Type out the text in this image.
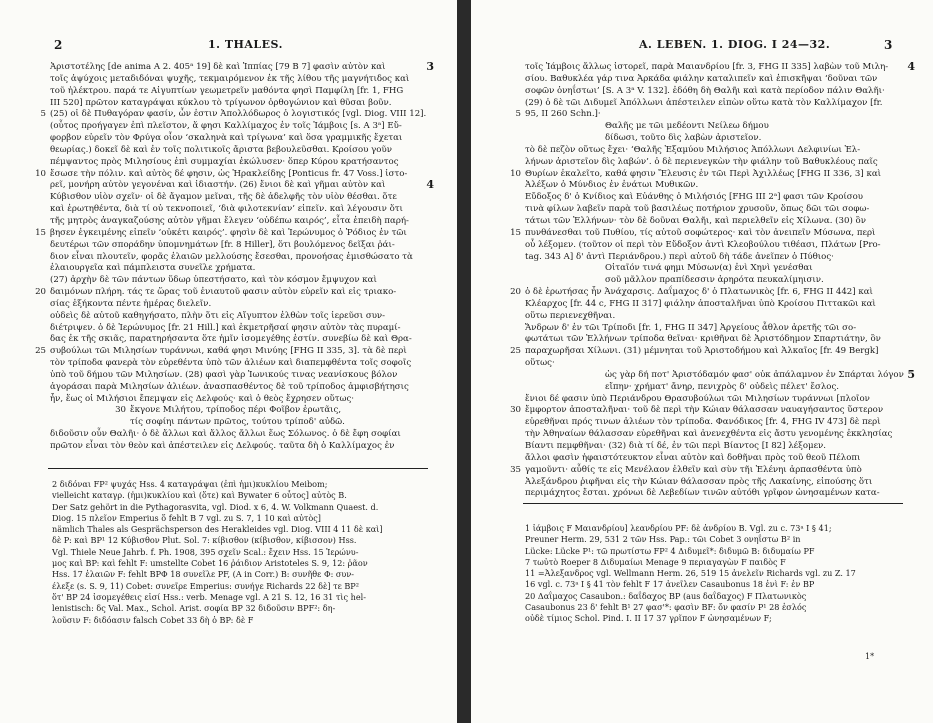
2	1. THALES.
Ἀριστοτέλης [de anima A 2. 405ᵃ 19] δὲ καὶ Ἱππίας [79 B 7] φασὶν αὐτὸν καὶ	3
τοῖς ἀψύχοις μεταδιδόναι ψυχῆς, τεκμαιρόμενον ἐκ τῆς λίθου τῆς μαγνήτιδος καὶ
τοῦ ἠλέκτρου. παρά τε Αἰγυπτίων γεωμετρεῖν μαθόντα φησὶ Παμφίλη [fr. 1, FHG
III 520] πρῶτον καταγράψαι κύκλου τὸ τρίγωνον ὀρθογώνιον καὶ θῦσαι βοῦν.
5 (25) οἱ δὲ Πυθαγόραν φασίν, ὧν ἐστιν Ἀπολλόδωρος ὁ λογιστικός [vgl. Diog. VIII 12].
(οὗτος προήγαγεν ἐπὶ πλεῖστον, ἅ φησι Καλλίμαχος ἐν τοῖς Ἰάμβοις [s. A 3ᵃ] Εὔ-
φορβον εὑρεῖν τὸν Φρύγα οἷον ‘σκαληνὰ καὶ τρίγωνα’ καὶ ὅσα γραμμικῆς ἔχεται
θεωρίας.) δοκεῖ δὲ καὶ ἐν τοῖς πολιτικοῖς ἄριστα βεβουλεῦσθαι. Κροίσου γοῦν
πέμψαντος πρὸς Μιλησίους ἐπὶ συμμαχίαι ἐκώλυσεν· ὅπερ Κύρου κρατήσαντος
10 ἔσωσε τὴν πόλιν. καὶ αὐτὸς δέ φησιν, ὡς Ἡρακλείδης [Ponticus fr. 47 Voss.] ἱστο-
ρεῖ, μονήρη αὐτὸν γεγονέναι καὶ ἰδιαστήν. (26) ἔνιοι δὲ καὶ γῆμαι αὐτὸν καὶ	4
Κύβισθον υἱὸν σχεῖν· οἱ δὲ ἄγαμον μεῖναι, τῆς δὲ ἀδελφῆς τὸν υἱὸν θέσθαι. ὅτε
καὶ ἐρωτηθέντα, διὰ τί οὐ τεκνοποιεῖ, ‘διὰ φιλοτεκνίαν’ εἰπεῖν. καὶ λέγουσιν ὅτι
τῆς μητρὸς ἀναγκαζούσης αὐτὸν γῆμαι ἔλεγεν ‘οὐδέπω καιρός’, εἶτα ἐπειδὴ παρή-
15 βησεν ἐγκειμένης εἰπεῖν ‘οὐκέτι καιρός’. φησὶν δὲ καὶ Ἱερώνυμος ὁ Ῥόδιος ἐν τῶι
δευτέρωι τῶν σποράδην ὑπομνημάτων [fr. 8 Hiller], ὅτι βουλόμενος δεῖξαι ῥάι-
διον εἶναι πλουτεῖν, φορᾶς ἐλαιῶν μελλούσης ἔσεσθαι, προνοήσας ἐμισθώσατο τὰ
ἐλαιουργεῖα καὶ πάμπλειστα συνεῖλε χρήματα.
(27) ἀρχὴν δὲ τῶν πάντων ὕδωρ ὑπεστήσατο, καὶ τὸν κόσμον ἔμψυχον καὶ
20 δαιμόνων πλήρη. τάς τε ὥρας τοῦ ἐνιαυτοῦ φασιν αὐτὸν εὑρεῖν καὶ εἰς τριακο-
σίας ἑξήκοντα πέντε ἡμέρας διελεῖν.
οὐδεὶς δὲ αὐτοῦ καθηγήσατο, πλὴν ὅτι εἰς Αἴγυπτον ἐλθὼν τοῖς ἱερεῦσι συν-
διέτριψεν. ὁ δὲ Ἱερώνυμος [fr. 21 Hill.] καὶ ἐκμετρῆσαί φησιν αὐτὸν τὰς πυραμί-
δας ἐκ τῆς σκιᾶς, παρατηρήσαντα ὅτε ἡμῖν ἰσομεγέθης ἐστίν. συνεβίω δὲ καὶ Θρα-
25 συβούλωι τῶι Μιλησίων τυράννωι, καθά φησι Μινύης [FHG II 335, 3]. τὰ δὲ περὶ
τὸν τρίποδα φανερὰ τὸν εὑρεθέντα ὑπὸ τῶν ἁλιέων καὶ διαπεμφθέντα τοῖς σοφοῖς
ὑπὸ τοῦ δήμου τῶν Μιλησίων. (28) φασὶ γὰρ Ἰωνικούς τινας νεανίσκους βόλον
ἀγοράσαι παρὰ Μιλησίων ἁλιέων. ἀνασπασθέντος δὲ τοῦ τρίποδος ἀμφισβήτησις
ἦν, ἕως οἱ Μιλήσιοι ἔπεμψαν εἰς Δελφούς· καὶ ὁ θεὸς ἔχρησεν οὕτως·
30 ἔκγονε Μιλήτου, τρίποδος πέρι Φοῖβον ἐρωτᾶις,
τίς σοφίηι πάντων πρῶτος, τούτου τρίποδ' αὐδῶ.
διδοῦσιν οὖν Θαλῆι· ὁ δὲ ἄλλωι καὶ ἄλλος ἄλλωι ἕως Σόλωνος. ὁ δὲ ἔφη σοφίαι
πρῶτον εἶναι τὸν θεὸν καὶ ἀπέστειλεν εἰς Δελφούς. ταῦτα δὴ ὁ Καλλίμαχος ἐν
2 διδόναι FP² ψυχάς Hss. 4 καταγράψαι (ἐπὶ ἡμι)κυκλίου Meibom;
vielleicht καταγρ. (ἡμι)κυκλίου καὶ (ὅτε) καὶ Bywater 6 οὗτος] αὐτὸς B.
Der Satz gehört in die Pythagorasvita, vgl. Diod. x 6, 4. W. Volkmann Quaest. d.
Diog. 15 πλεῖον Emperius ὅ fehlt B 7 vgl. zu S. 7, 1 10 καὶ αὐτὸς]
nämlich Thales als Gesprächsperson des Herakleides vgl. Diog. VIII 4 11 δὲ καὶ]
δὲ P: καὶ BP¹ 12 Κύβισθον Plut. Sol. 7: κίβισθον (κίβισθον, κίβισσον) Hss.
Vgl. Thiele Neue Jahrb. f. Ph. 1908, 395 σχεῖν Scal.: ἔχειν Hss. 15 Ἱερώνυ-
μος καὶ BP: καὶ fehlt F: umstellte Cobet 16 ῥάιδιον Aristoteles S. 9, 12: ῥᾶον
Hss. 17 ἐλαιῶν F: fehlt BPΦ 18 συνεῖλε PF, (A in Corr.) B: συνῆθε Φ: συν-
έλεξε (s. S. 9, 11) Cobet: συνεῖρε Emperius: συνήγε Richards 22 δὲ] τε BP²
ὅτ' BP 24 ἰσομεγέθεις εἰσί Hss.: verb. Menage vgl. A 21 S. 12, 16 31 τὶς hel-
lenistisch: δς Val. Max., Schol. Arist. σοφία BP 32 διδοῦσιν BPF²: δη-
λοῦσιν F: διδόασιν falsch Cobet 33 δὴ ὁ BP: δὲ F
A. LEBEN. 1. DIOG. I 24—32.	3
τοῖς Ἰάμβοις ἄλλως ἱστορεῖ, παρὰ Μαιανδρίου [fr. 3, FHG II 335] λαβὼν τοῦ Μιλη- 4
σίου. Βαθυκλέα γάρ τινα Ἀρκάδα φιάλην καταλιπεῖν καὶ ἐπισκῆψαι ‘δοῦναι τῶν
σοφῶν ὀνηΐστωι’ [S. A 3ᵃ V. 132]. ἐδόθη δὴ Θαλῆι καὶ κατὰ περίοδον πάλιν Θαλῆι·
(29) ὁ δὲ τῶι Διδυμεῖ Ἀπόλλωνι ἀπέστειλεν εἰπὼν οὕτω κατὰ τὸν Καλλίμαχον [fr.
5 95, II 260 Schn.]·
Θαλῆς με τῶι μεδέοντι Νείλεω δήμου
δίδωσι, τοῦτο δὶς λαβὼν ἀριστεῖον.
τὸ δὲ πεζὸν οὕτως ἔχει· ‘Θαλῆς Ἐξαμύου Μιλήσιος Ἀπόλλωνι Δελφινίωι Ἑλ-
λήνων ἀριστεῖον δὶς λαβών’. ὁ δὲ περιενεγκὼν τὴν φιάλην τοῦ Βαθυκλέους παῖς
10 Θυρίων ἐκαλεῖτο, καθά φησιν Ἔλευσις ἐν τῶι Περὶ Ἀχιλλέως [FHG II 336, 3] καὶ
Ἀλέξων ὁ Μύνδιος ἐν ἐνάτωι Μυθικῶν.
Εὔδοξος δ' ὁ Κνίδιος καὶ Εὐάνθης ὁ Μιλήσιός [FHG III 2ᵃ] φασι τῶν Κροίσου
τινὰ φίλων λαβεῖν παρὰ τοῦ βασιλέως ποτήριον χρυσοῦν, ὅπως δῶι τῶι σοφω-
τάτωι τῶν Ἑλλήνων· τὸν δὲ δοῦναι Θαλῆι, καὶ περιελθεῖν εἰς Χίλωνα. (30) ὃν
15 πυνθάνεσθαι τοῦ Πυθίου, τίς αὐτοῦ σοφώτερος· καὶ τὸν ἀνειπεῖν Μύσωνα, περὶ
οὗ λέξομεν. (τοῦτον οἱ περὶ τὸν Εὔδοξον ἀντὶ Κλεοβούλου τιθέασι, Πλάτων [Pro-
tag. 343 A] δ' ἀντὶ Περιάνδρου.) περὶ αὐτοῦ δὴ τάδε ἀνεῖπεν ὁ Πύθιος·
Οἰταῖόν τινά φημι Μύσων(α) ἐνὶ Χηνὶ γενέσθαι
σοῦ μᾶλλον πραπίδεσσιν ἀρηρότα πευκαλίμηισιν.
20 ὁ δὲ ἐρωτήσας ἦν Ἀνάχαρσις. Δαΐμαχος δ' ὁ Πλατωνικὸς [fr. 6, FHG II 442] καὶ
Κλέαρχος [fr. 44 c, FHG II 317] φιάλην ἀποσταλῆναι ὑπὸ Κροίσου Πιττακῶι καὶ
οὕτω περιενεχθῆναι.
Ἄνδρων δ' ἐν τῶι Τρίποδι [fr. 1, FHG II 347] Ἀργείους ἆθλον ἀρετῆς τῶι σο-
φωτάτωι τῶν Ἑλλήνων τρίποδα θεῖναι· κριθῆναι δὲ Ἀριστόδημον Σπαρτιάτην, ὃν
25 παραχωρῆσαι Χίλωνι. (31) μέμνηται τοῦ Ἀριστοδήμου καὶ Ἀλκαῖος [fr. 49 Bergk]
οὕτως·
ὡς γὰρ δή ποτ' Ἀριστόδαμόν φασ' οὐκ ἀπάλαμνον ἐν Σπάρται λόγον 5
εἴπην· χρήματ' ἄνηρ, πενιχρὸς δ' οὐδεὶς πέλετ' ἔσλος.
ἔνιοι δέ φασιν ὑπὸ Περιάνδρου Θρασυβούλωι τῶι Μιλησίων τυράννωι [πλοῖον
30 ἔμφορτον ἀποσταλῆναι· τοῦ δὲ περὶ τὴν Κώιαν θάλασσαν ναυαγήσαντος ὕστερον
εὑρεθῆναι πρός τινων ἁλιέων τὸν τρίποδα. Φανόδικος [fr. 4, FHG IV 473] δὲ περὶ
τὴν Ἀθηναίων θάλασσαν εὑρεθῆναι καὶ ἀνενεχθέντα εἰς ἄστυ γενομένης ἐκκλησίας
Βίαντι πεμφθῆναι· (32) διὰ τί δέ, ἐν τῶι περὶ Βίαντος [I 82] λέξομεν.
ἄλλοι φασὶν ἡφαιστότευκτον εἶναι αὐτὸν καὶ δοθῆναι πρὸς τοῦ θεοῦ Πέλοπι
35 γαμοῦντι· αὖθίς τε εἰς Μενέλαον ἐλθεῖν καὶ σὺν τῆι Ἑλένηι ἁρπασθέντα ὑπὸ
Ἀλεξάνδρου ῥιφῆναι εἰς τὴν Κώιαν θάλασσαν πρὸς τῆς Λακαίνης, εἰπούσης ὅτι
περιμάχητος ἔσται. χρόνωι δὲ Λεβεδίων τινῶν αὐτόθι γρῖφον ὠνησαμένων κατα-
1 ἱάμβοις F Μαιανδρίου] λεανδρίου PF: δὲ ἀνδρίου B. Vgl. zu c. 73ᵃ I § 41;
Preuner Herm. 29, 531 2 τῶν Hss. Pap.: τῶι Cobet 3 ονηΐστω B² in
Lücke: Lücke P¹: τῶ πρωτίστω FP² 4 Διδυμεῖ*: διδυμῶ B: διδυμαίω PF
7 τωὐτὸ Roeper 8 Διδυμαίωι Menage 9 περιαγαγὼν F παιδὸς F
11 =Ἀλεξανδρος vgl. Wellmann Herm. 26, 519 15 ἀνελεῖν Richards vgl. zu Z. 17
16 vgl. c. 73ᵃ I § 41 τὸν fehlt F 17 ἀνεῖλεν Casaubonus 18 ἐνὶ F: ἐν BP
20 Δαΐμαχος Casaubon.: δαΐδαχος BP (aus δαΐδαχος) F Πλατωνικὸς
Casaubonus 23 δ' fehlt B¹ 27 φασ'*: φασὶν BF: ὄν φασίν P¹ 28 ἐσλός
οὐδὲ τίμιος Schol. Pind. I. II 17 37 γρῖπον F ὠνησαμένων F;
1*
